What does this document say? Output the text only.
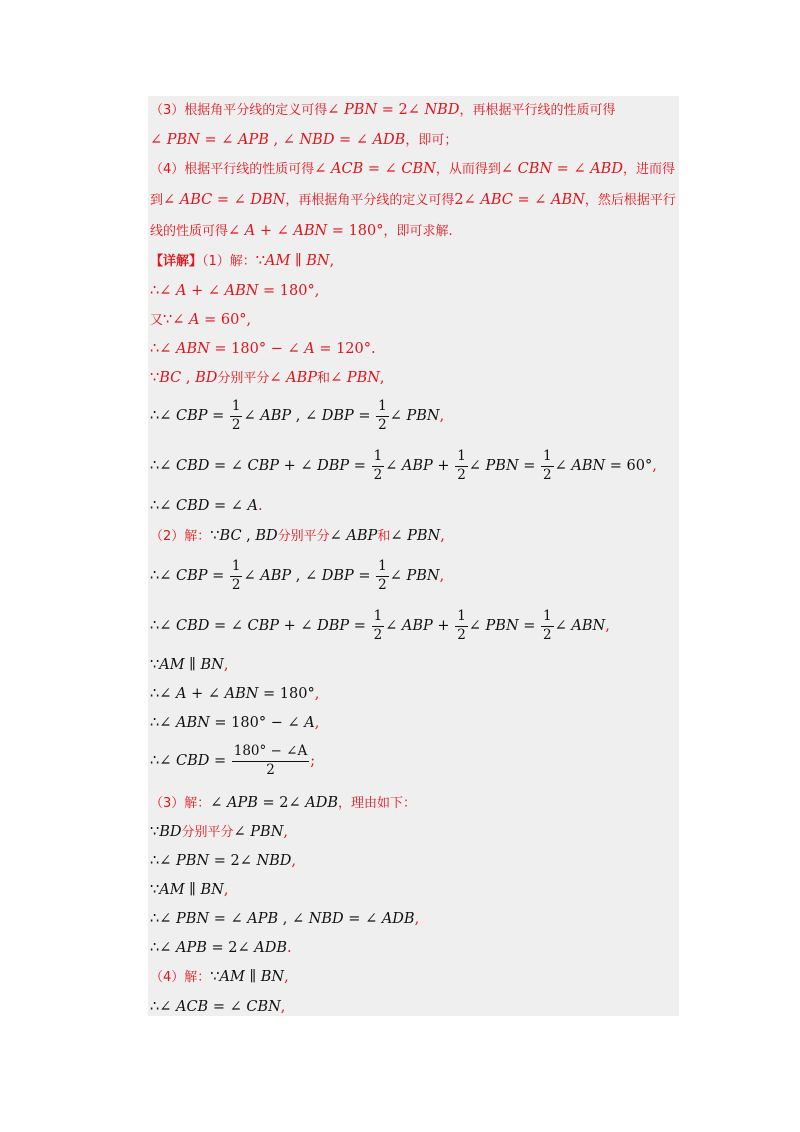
（3）根据角平分线的定义可得∠ PBN = 2∠ NBD，再根据平行线的性质可得
∠ PBN = ∠ APB , ∠ NBD = ∠ ADB，即可；
（4）根据平行线的性质可得∠ ACB = ∠ CBN，从而得到∠ CBN = ∠ ABD，进而得
到∠ ABC = ∠ DBN，再根据角平分线的定义可得2∠ ABC = ∠ ABN，然后根据平行
线的性质可得∠ A + ∠ ABN = 180°，即可求解.
【详解】（1）解：∵AM ∥ BN,
∴∠ A + ∠ ABN = 180°,
又∵∠ A = 60°,
∴∠ ABN = 180° − ∠ A = 120°.
∵BC , BD分别平分∠ ABP和∠ PBN,
∴∠ CBP = $\frac{1}{2}$ ∠ ABP , ∠ DBP = $\frac{1}{2}$ ∠ PBN,
∴∠ CBD = ∠ CBP + ∠ DBP = $\frac{1}{2}$ ∠ ABP + $\frac{1}{2}$ ∠ PBN = $\frac{1}{2}$ ∠ ABN = 60°,
∴∠ CBD = ∠ A.
（2）解：∵BC , BD分别平分∠ ABP和∠ PBN,
∴∠ CBP = $\frac{1}{2}$ ∠ ABP , ∠ DBP = $\frac{1}{2}$ ∠ PBN,
∴∠ CBD = ∠ CBP + ∠ DBP = $\frac{1}{2}$ ∠ ABP + $\frac{1}{2}$ ∠ PBN = $\frac{1}{2}$ ∠ ABN,
∵AM ∥ BN,
∴∠ A + ∠ ABN = 180°,
∴∠ ABN = 180° − ∠ A,
∴∠ CBD = $\frac{180^\circ - \angle A}{2}$ ;
（3）解：∠ APB = 2∠ ADB，理由如下：
∵BD分别平分∠ PBN,
∴∠ PBN = 2∠ NBD,
∵AM ∥ BN,
∴∠ PBN = ∠ APB , ∠ NBD = ∠ ADB,
∴∠ APB = 2∠ ADB.
（4）解：∵AM ∥ BN,
∴∠ ACB = ∠ CBN,
